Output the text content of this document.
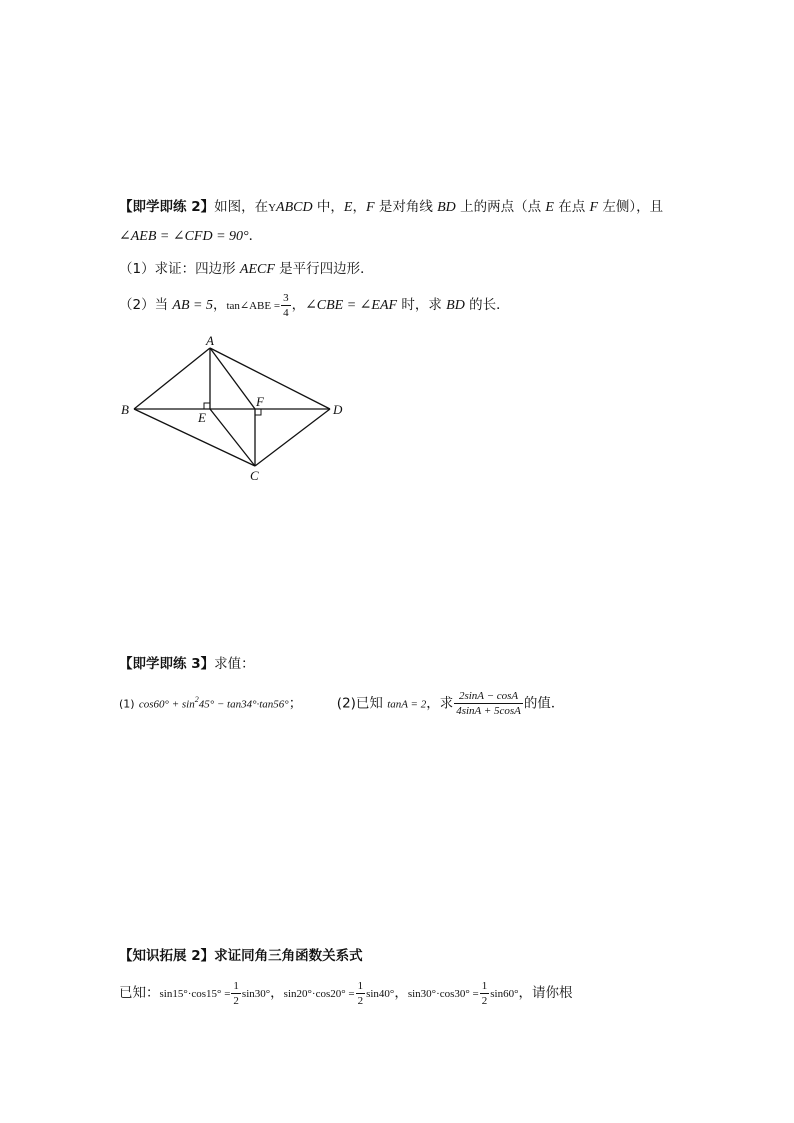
【即学即练 2】如图，在YABCD 中，E，F 是对角线 BD 上的两点（点 E 在点 F 左侧），且
∠AEB = ∠CFD = 90°．
（1）求证：四边形 AECF 是平行四边形．
（2）当 AB = 5，tan∠ABE = $\frac{3}{4}$ ，∠CBE = ∠EAF 时，求 BD 的长．
A
B	D
E
F
C
【即学即练 3】求值：
(1) $\cos 60^\circ + \sin^245^\circ - \tan 34^\circ\cdot\tan 56^\circ$；	(2)已知 tanA = 2，求 $\frac{2\sin A - \cos A}{4\sin A + 5\cos A}$ 的值．
【知识拓展 2】求证同角三角函数关系式
已知：$\sin 15^\circ\cdot\cos 15^\circ = \frac{1}{2} \sin 30^\circ$，$\sin 20^\circ\cdot\cos 20^\circ = \frac{1}{2} \sin 40^\circ$，$\sin 30^\circ\cdot\cos 30^\circ = \frac{1}{2} \sin 60^\circ$，请你根
